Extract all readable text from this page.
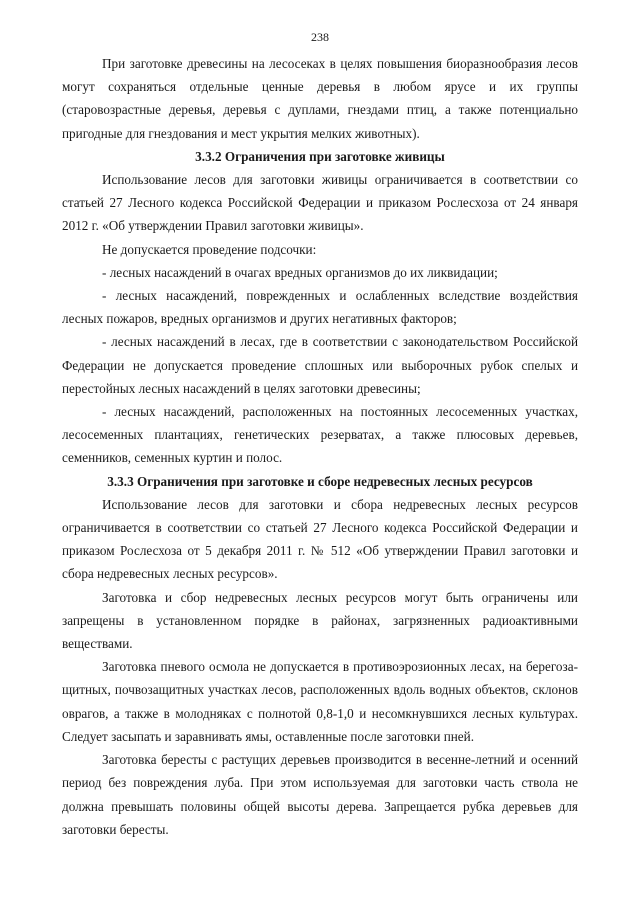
238

При заготовке древесины на лесосеках в целях повышения биоразнообразия лесов могут сохраняться отдельные ценные деревья в любом ярусе и их группы (старовозрастные деревья, деревья с дуплами, гнездами птиц, а также потенциально пригодные для гнездования и мест укрытия мелких животных).

3.3.2 Ограничения при заготовке живицы

Использование лесов для заготовки живицы ограничивается в соответствии со статьей 27 Лесного кодекса Российской Федерации и приказом Рослесхоза от 24 января 2012 г. «Об утверждении Правил заготовки живицы».

Не допускается проведение подсочки:

- лесных насаждений в очагах вредных организмов до их ликвидации;

- лесных насаждений, поврежденных и ослабленных вследствие воздействия лесных пожаров, вредных организмов и других негативных факторов;

- лесных насаждений в лесах, где в соответствии с законодательством Российской Федерации не допускается проведение сплошных или выборочных рубок спелых и перестойных лесных насаждений в целях заготовки древесины;

- лесных насаждений, расположенных на постоянных лесосеменных участках, лесосеменных плантациях, генетических резерватах, а также плюсовых деревьев, семенников, семенных куртин и полос.

3.3.3 Ограничения при заготовке и сборе недревесных лесных ресурсов

Использование лесов для заготовки и сбора недревесных лесных ресурсов ограничивается в соответствии со статьей 27 Лесного кодекса Российской Федерации и приказом Рослесхоза от 5 декабря 2011 г. № 512 «Об утверждении Правил заготовки и сбора недревесных лесных ресурсов».

Заготовка и сбор недревесных лесных ресурсов могут быть ограничены или запрещены в установленном порядке в районах, загрязненных радиоактивными веществами.

Заготовка пневого осмола не допускается в противоэрозионных лесах, на берегозащитных, почвозащитных участках лесов, расположенных вдоль водных объектов, склонов оврагов, а также в молодняках с полнотой 0,8-1,0 и несомкнувшихся лесных культурах. Следует засыпать и заравнивать ямы, оставленные после заготовки пней.

Заготовка бересты с растущих деревьев производится в весенне-летний и осенний период без повреждения луба. При этом используемая для заготовки часть ствола не должна превышать половины общей высоты дерева. Запрещается рубка деревьев для заготовки бересты.
